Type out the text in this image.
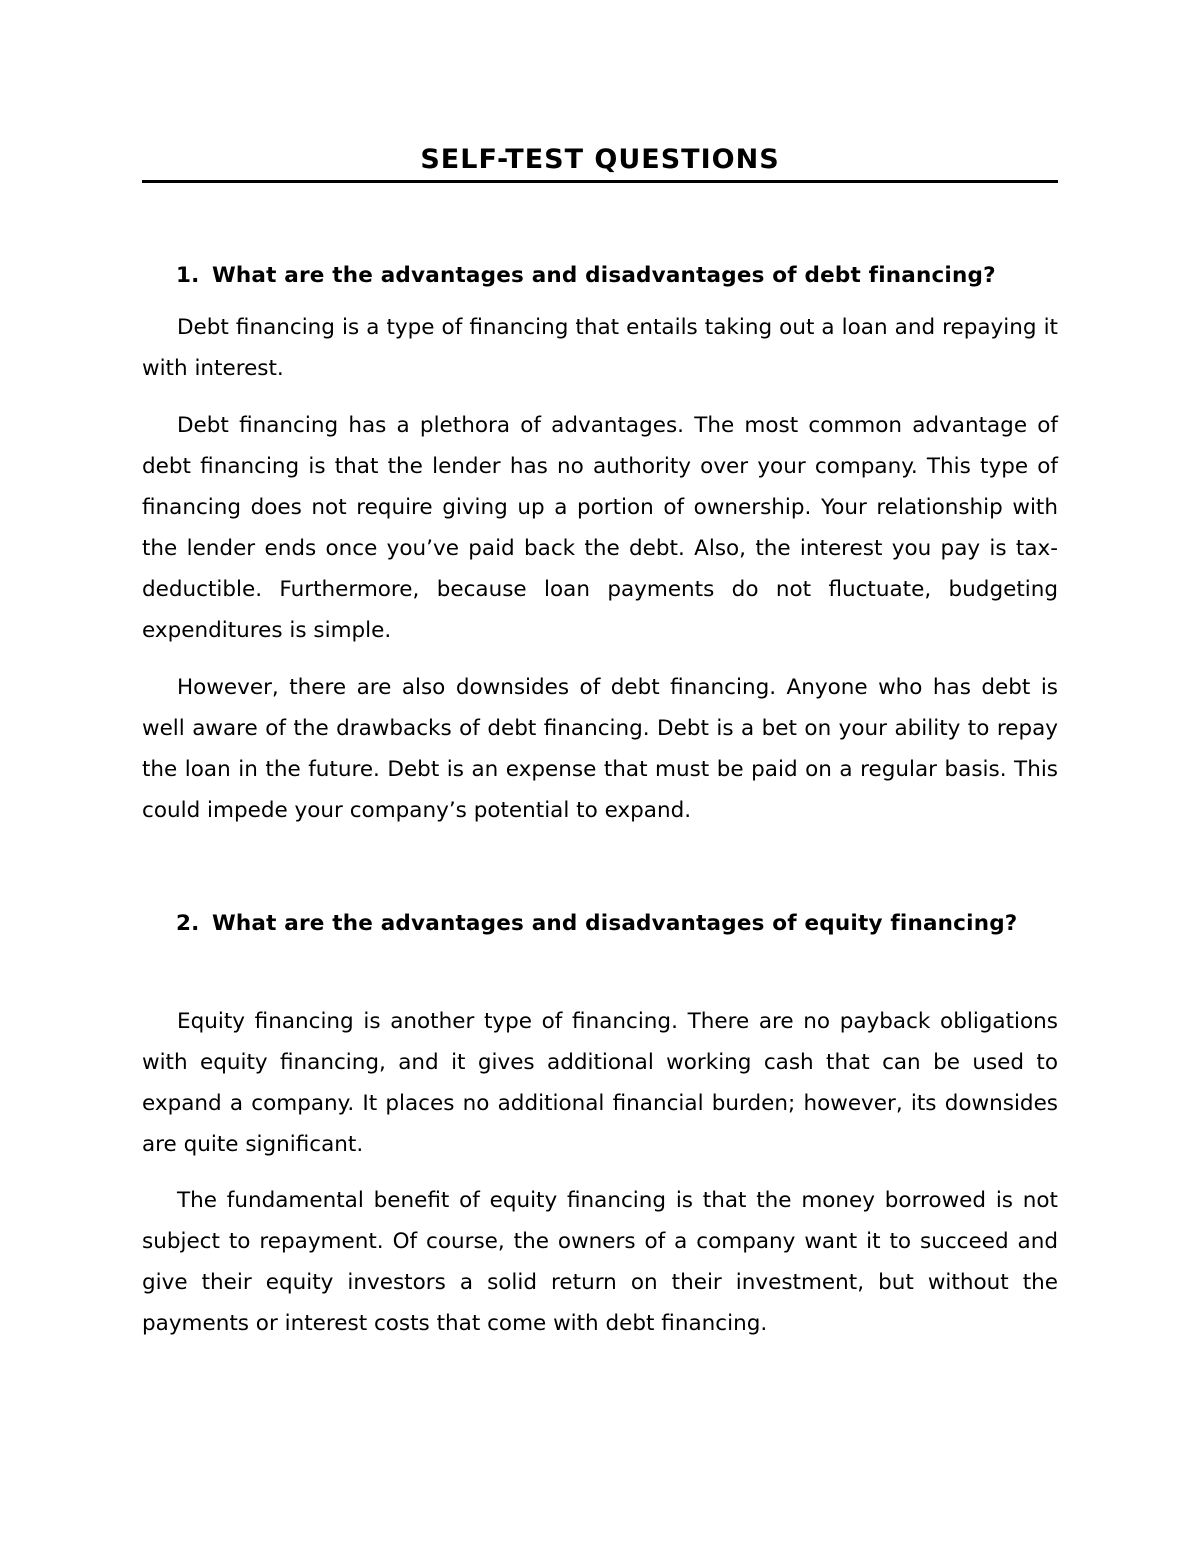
SELF-TEST QUESTIONS
1. What are the advantages and disadvantages of debt financing?

Debt financing is a type of financing that entails taking out a loan and repaying it with interest.

Debt financing has a plethora of advantages. The most common advantage of debt financing is that the lender has no authority over your company. This type of financing does not require giving up a portion of ownership. Your relationship with the lender ends once you’ve paid back the debt. Also, the interest you pay is tax-deductible. Furthermore, because loan payments do not fluctuate, budgeting expenditures is simple.

However, there are also downsides of debt financing. Anyone who has debt is well aware of the drawbacks of debt financing. Debt is a bet on your ability to repay the loan in the future. Debt is an expense that must be paid on a regular basis. This could impede your company’s potential to expand.

2. What are the advantages and disadvantages of equity financing?

Equity financing is another type of financing. There are no payback obligations with equity financing, and it gives additional working cash that can be used to expand a company. It places no additional financial burden; however, its downsides are quite significant.

The fundamental benefit of equity financing is that the money borrowed is not subject to repayment. Of course, the owners of a company want it to succeed and give their equity investors a solid return on their investment, but without the payments or interest costs that come with debt financing.
